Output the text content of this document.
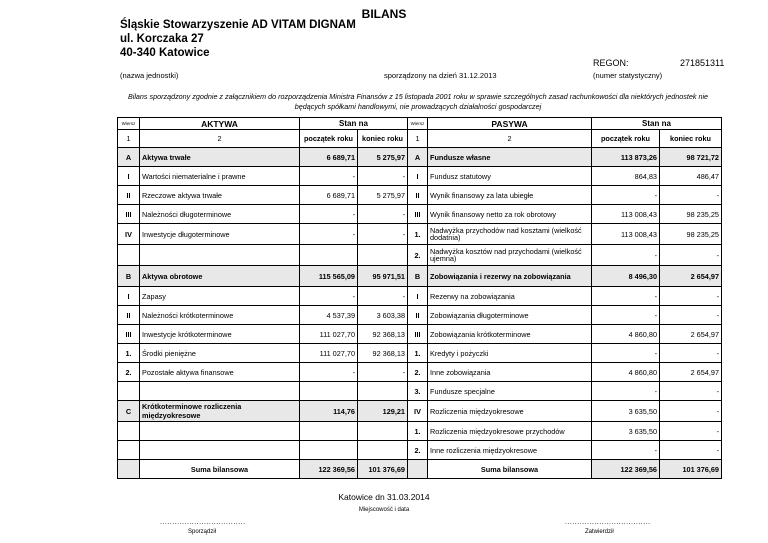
BILANS
Śląskie Stowarzyszenie AD VITAM DIGNAM
ul. Korczaka 27
40-340 Katowice
REGON:	271851311
(nazwa jednostki)	sporządzony na dzień 31.12.2013	(numer statystyczny)
Bilans sporządzony zgodnie z załącznikiem do rozporządzenia Ministra Finansów z 15 listopada 2001 roku w sprawie szczególnych zasad rachunkowości dla niektórych jednostek nie będących spółkami handlowymi, nie prowadzących działalności gospodarczej
Wiersz	AKTYWA	Stan na		Wiersz	PASYWA	Stan na	
1	2	początek roku	koniec roku	1	2	początek roku	koniec roku
A	Aktywa trwałe	6 689,71	5 275,97	A	Fundusze własne	113 873,26	98 721,72
I	Wartości niematerialne i prawne	-	-	I	Fundusz statutowy	864,83	486,47
II	Rzeczowe aktywa trwałe	6 689,71	5 275,97	II	Wynik finansowy za lata ubiegłe	-	-
III	Należności długoterminowe	-	-	III	Wynik finansowy netto za rok obrotowy	113 008,43	98 235,25
IV	Inwestycje długoterminowe	-	-	1.	Nadwyżka przychodów nad kosztami (wielkość dodatnia)	113 008,43	98 235,25
				2.	Nadwyżka kosztów nad przychodami (wielkość ujemna)	-	-
B	Aktywa obrotowe	115 565,09	95 971,51	B	Zobowiązania i rezerwy na zobowiązania	8 496,30	2 654,97
I	Zapasy	-	-	I	Rezerwy na zobowiązania	-	-
II	Należności krótkoterminowe	4 537,39	3 603,38	II	Zobowiązania długoterminowe	-	-
III	Inwestycje krótkoterminowe	111 027,70	92 368,13	III	Zobowiązania krótkoterminowe	4 860,80	2 654,97
1.	Środki pieniężne	111 027,70	92 368,13	1.	Kredyty i pożyczki	-	-
2.	Pozostałe aktywa finansowe	-	-	2.	Inne zobowiązania	4 860,80	2 654,97
				3.	Fundusze specjalne	-	-
C	Krótkoterminowe rozliczenia międzyokresowe	114,76	129,21	IV	Rozliczenia międzyokresowe	3 635,50	-
				1.	Rozliczenia międzyokresowe przychodów	3 635,50	-
				2.	Inne rozliczenia międzyokresowe	-	-
	Suma bilansowa	122 369,56	101 376,69		Suma bilansowa	122 369,56	101 376,69
Katowice dn 31.03.2014
Miejscowość i data
...................................	...................................
Sporządził	Zatwierdził
